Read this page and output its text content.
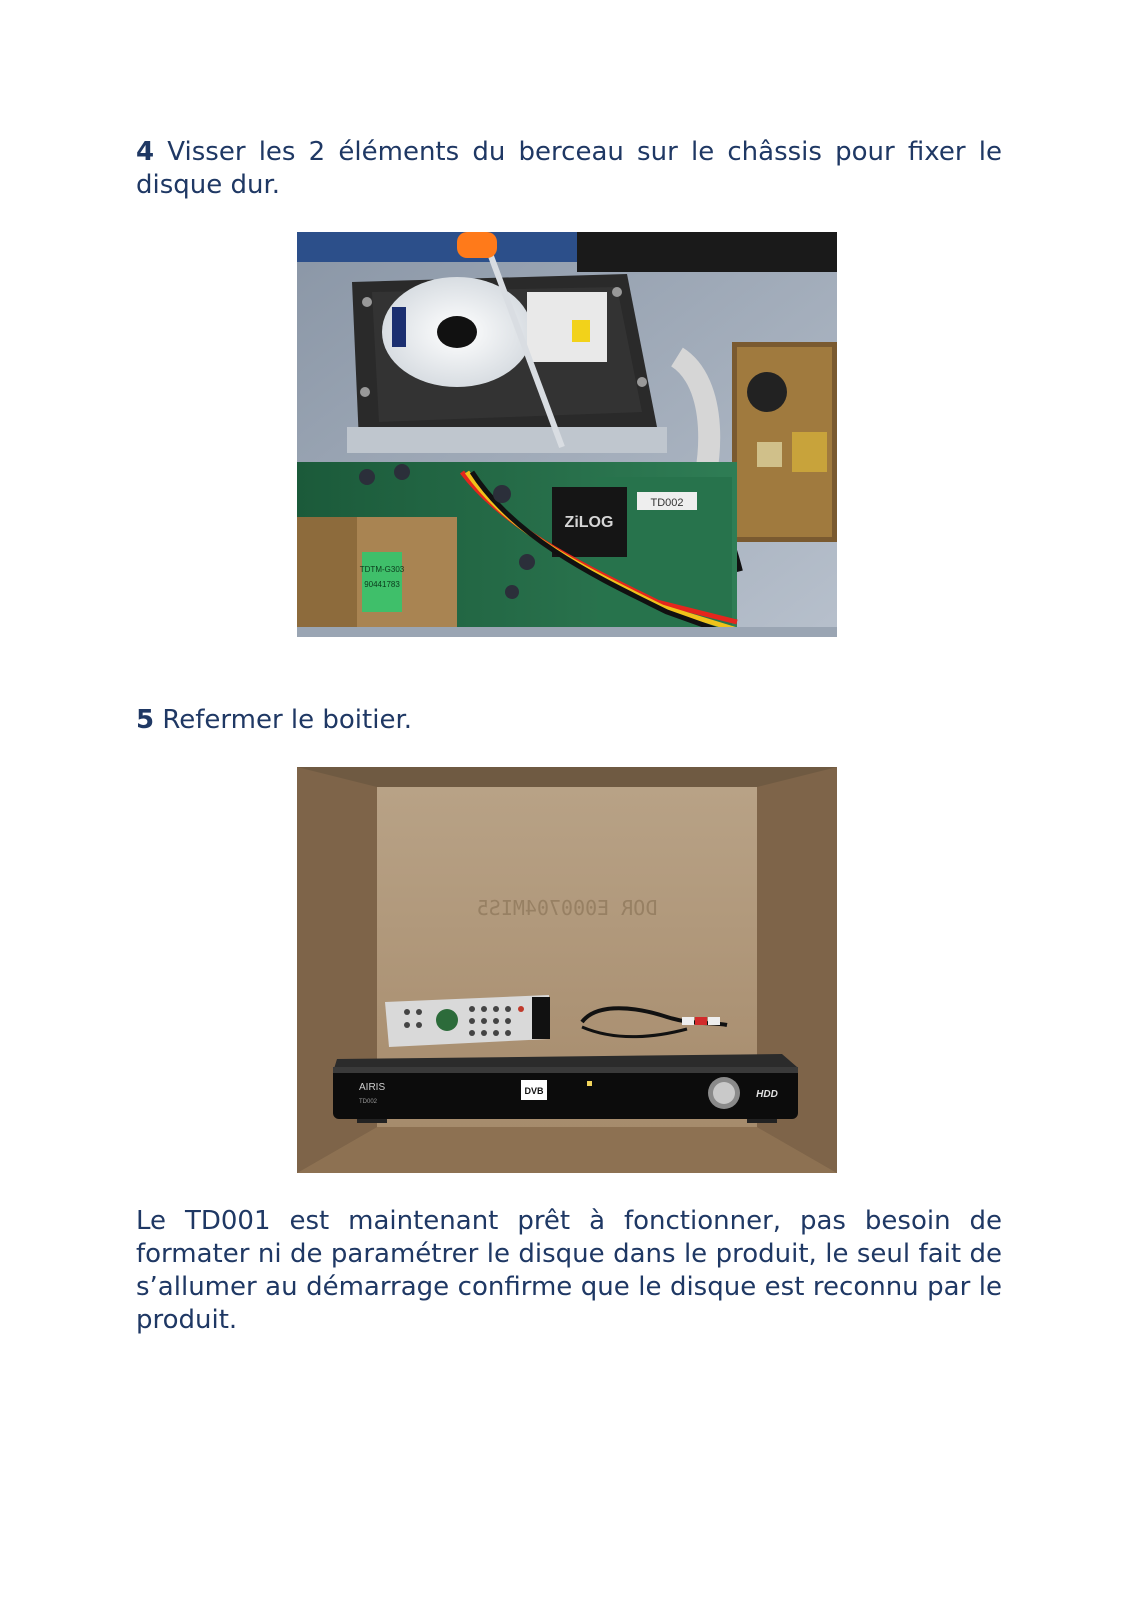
4 Visser les 2 éléments du berceau sur le châssis pour fixer le disque dur.

ZiLOG
TD002
TDTM-G303
90441783

5 Refermer le boitier.

DOR E000704MIS5
AIRIS
TD002
DVB	HDD

Le TD001 est maintenant prêt à fonctionner, pas besoin de formater ni de paramétrer le disque dans le produit, le seul fait de s’allumer au démarrage confirme que le disque est reconnu par le produit.
